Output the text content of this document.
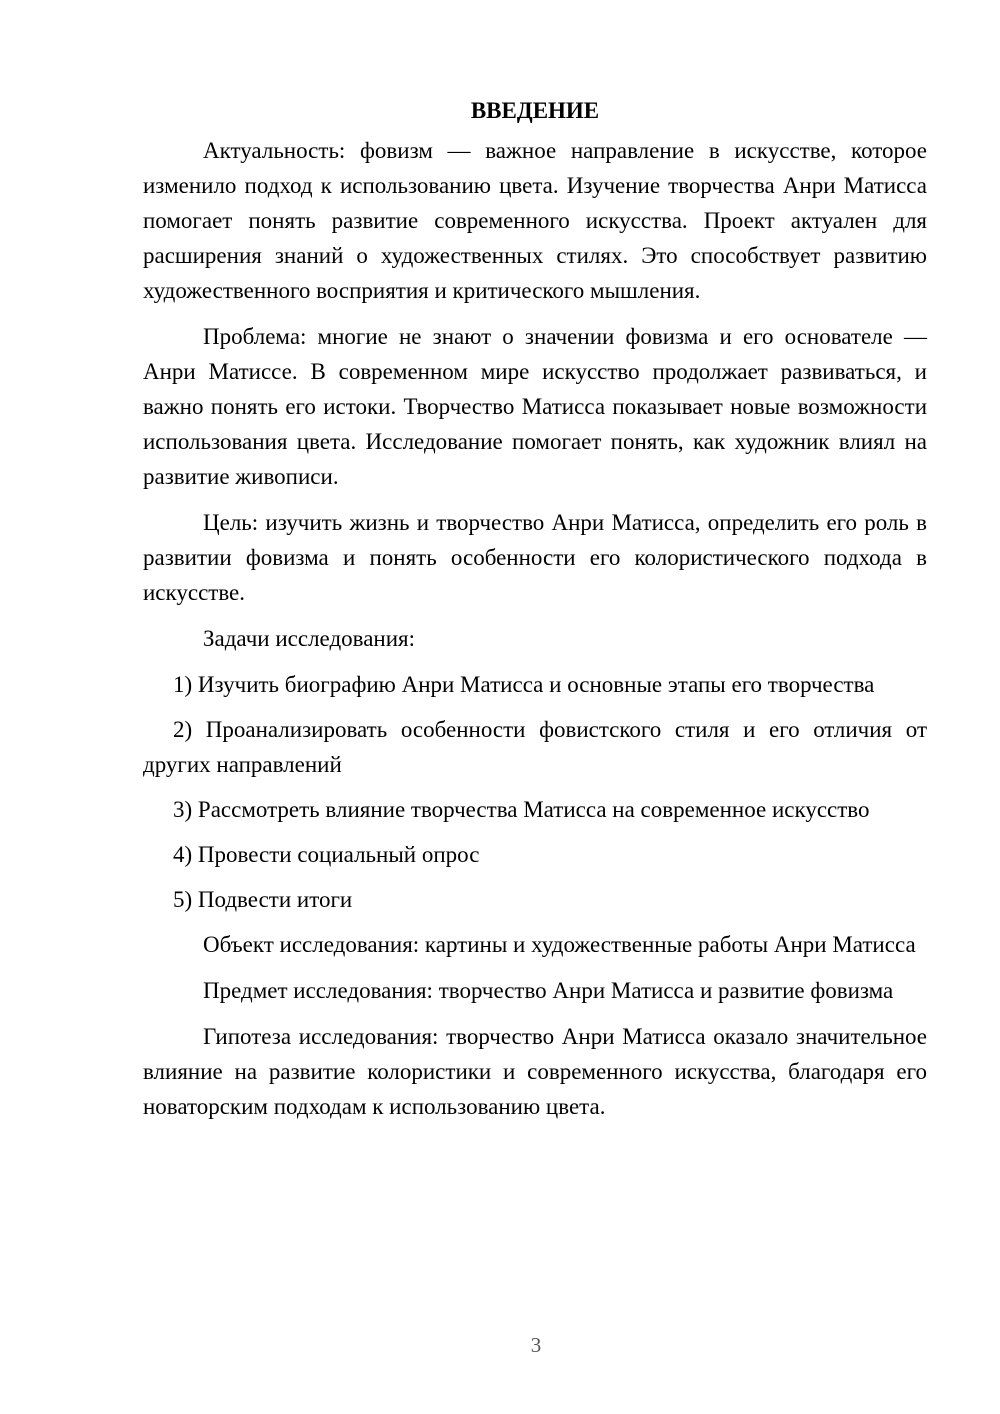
ВВЕДЕНИЕ

Актуальность: фовизм — важное направление в искусстве, которое изменило подход к использованию цвета. Изучение творчества Анри Матисса помогает понять развитие современного искусства. Проект актуален для расширения знаний о художественных стилях. Это способствует развитию художественного восприятия и критического мышления.

Проблема: многие не знают о значении фовизма и его основателе — Анри Матиссе. В современном мире искусство продолжает развиваться, и важно понять его истоки. Творчество Матисса показывает новые возможности использования цвета. Исследование помогает понять, как художник влиял на развитие живописи.

Цель: изучить жизнь и творчество Анри Матисса, определить его роль в развитии фовизма и понять особенности его колористического подхода в искусстве.

Задачи исследования:

1) Изучить биографию Анри Матисса и основные этапы его творчества

2) Проанализировать особенности фовистского стиля и его отличия от других направлений

3) Рассмотреть влияние творчества Матисса на современное искусство

4) Провести социальный опрос

5) Подвести итоги

Объект исследования: картины и художественные работы Анри Матисса

Предмет исследования: творчество Анри Матисса и развитие фовизма

Гипотеза исследования: творчество Анри Матисса оказало значительное влияние на развитие колористики и современного искусства, благодаря его новаторским подходам к использованию цвета.

3
